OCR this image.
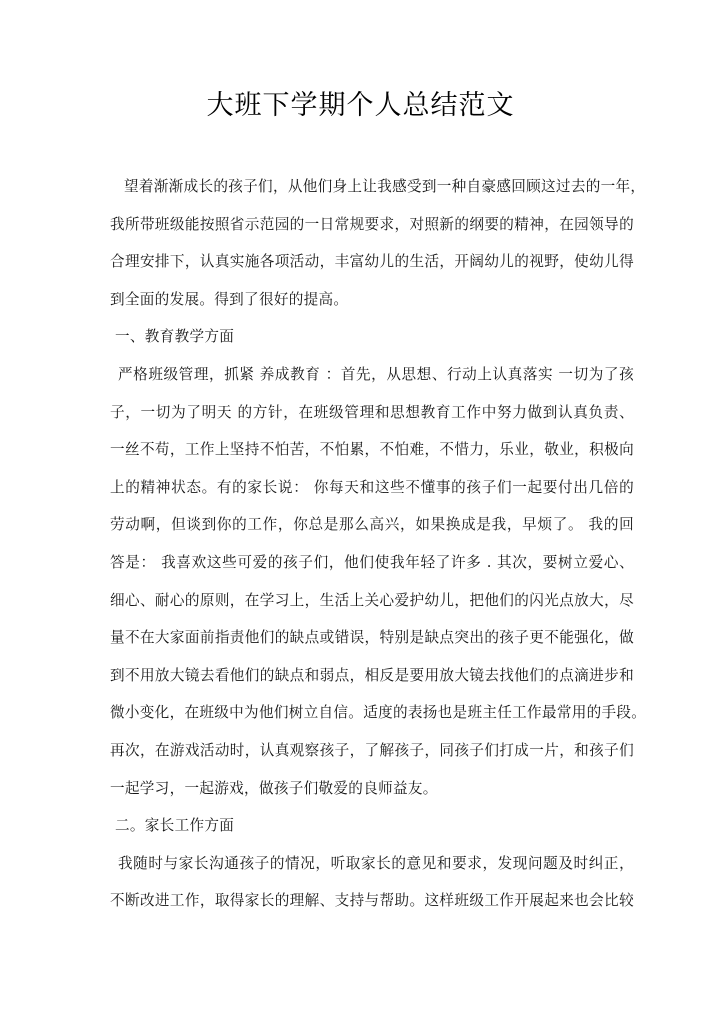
大班下学期个人总结范文
望着渐渐成长的孩子们，从他们身上让我感受到一种自豪感回顾这过去的一年，
我所带班级能按照省示范园的一日常规要求，对照新的纲要的精神，在园领导的
合理安排下，认真实施各项活动，丰富幼儿的生活，开阔幼儿的视野，使幼儿得
到全面的发展。得到了很好的提高。
一、教育教学方面
严格班级管理，抓紧 养成教育 ：首先，从思想、行动上认真落实 一切为了孩
子，一切为了明天 的方针，在班级管理和思想教育工作中努力做到认真负责、
一丝不苟，工作上坚持不怕苦，不怕累，不怕难，不惜力，乐业，敬业，积极向
上的精神状态。有的家长说： 你每天和这些不懂事的孩子们一起要付出几倍的
劳动啊，但谈到你的工作，你总是那么高兴，如果换成是我，早烦了。 我的回
答是： 我喜欢这些可爱的孩子们，他们使我年轻了许多 . 其次，要树立爱心、
细心、耐心的原则，在学习上，生活上关心爱护幼儿，把他们的闪光点放大，尽
量不在大家面前指责他们的缺点或错误，特别是缺点突出的孩子更不能强化，做
到不用放大镜去看他们的缺点和弱点，相反是要用放大镜去找他们的点滴进步和
微小变化，在班级中为他们树立自信。适度的表扬也是班主任工作最常用的手段。
再次，在游戏活动时，认真观察孩子，了解孩子，同孩子们打成一片，和孩子们
一起学习，一起游戏，做孩子们敬爱的良师益友。
二。家长工作方面
我随时与家长沟通孩子的情况，听取家长的意见和要求，发现问题及时纠正，
不断改进工作，取得家长的理解、支持与帮助。这样班级工作开展起来也会比较
